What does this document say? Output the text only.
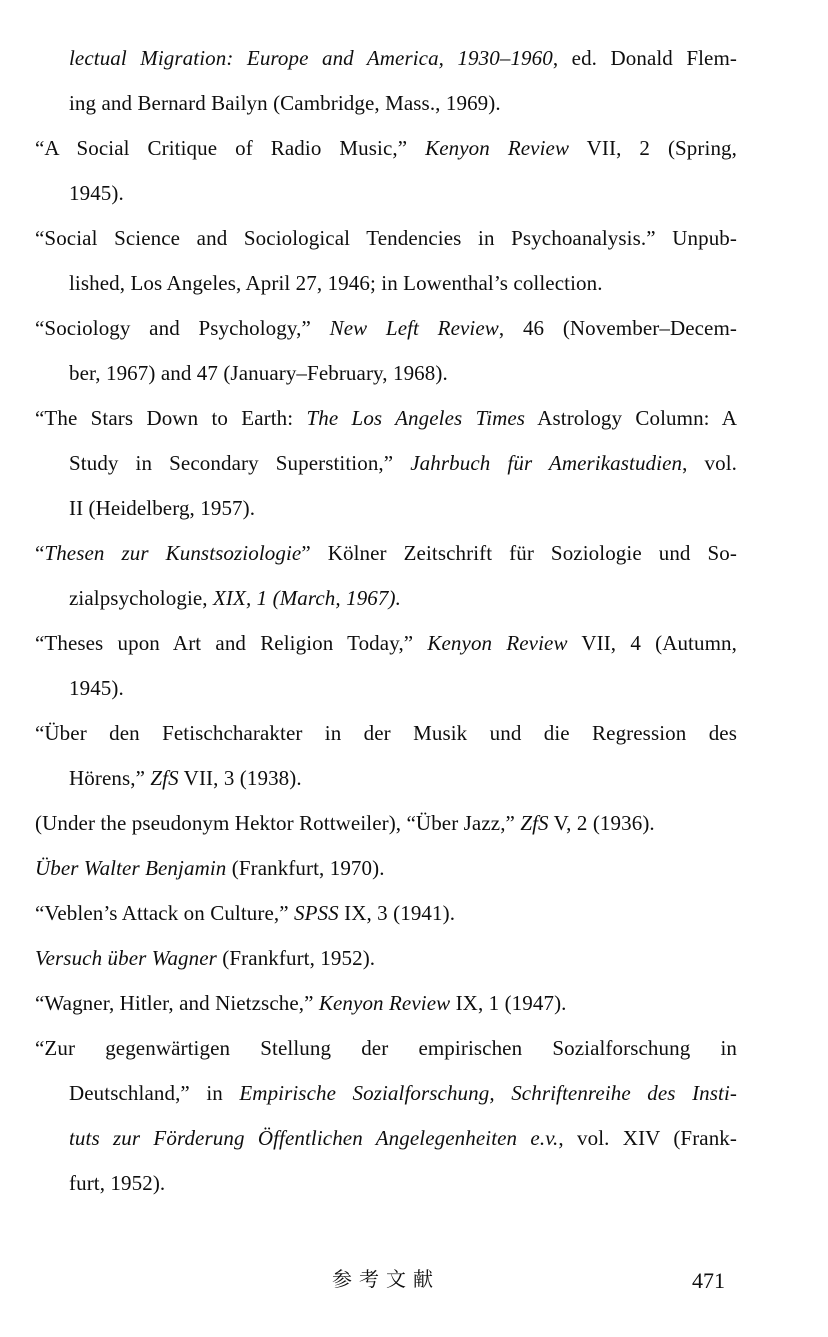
lectual Migration: Europe and America, 1930–1960, ed. Donald Flem-
ing and Bernard Bailyn (Cambridge, Mass., 1969).
“A Social Critique of Radio Music,” Kenyon Review VII, 2 (Spring,
1945).
“Social Science and Sociological Tendencies in Psychoanalysis.” Unpub-
lished, Los Angeles, April 27, 1946; in Lowenthal’s collection.
“Sociology and Psychology,” New Left Review, 46 (November–Decem-
ber, 1967) and 47 (January–February, 1968).
“The Stars Down to Earth: The Los Angeles Times Astrology Column: A
Study in Secondary Superstition,” Jahrbuch für Amerikastudien, vol.
II (Heidelberg, 1957).
“Thesen zur Kunstsoziologie” Kölner Zeitschrift für Soziologie und So-
zialpsychologie, XIX, 1 (March, 1967).
“Theses upon Art and Religion Today,” Kenyon Review VII, 4 (Autumn,
1945).
“Über den Fetischcharakter in der Musik und die Regression des
Hörens,” ZfS VII, 3 (1938).
(Under the pseudonym Hektor Rottweiler), “Über Jazz,” ZfS V, 2 (1936).
Über Walter Benjamin (Frankfurt, 1970).
“Veblen’s Attack on Culture,” SPSS IX, 3 (1941).
Versuch über Wagner (Frankfurt, 1952).
“Wagner, Hitler, and Nietzsche,” Kenyon Review IX, 1 (1947).
“Zur gegenwärtigen Stellung der empirischen Sozialforschung in
Deutschland,” in Empirische Sozialforschung, Schriftenreihe des Insti-
tuts zur Förderung Öffentlichen Angelegenheiten e.v., vol. XIV (Frank-
furt, 1952).
参考文献	471
